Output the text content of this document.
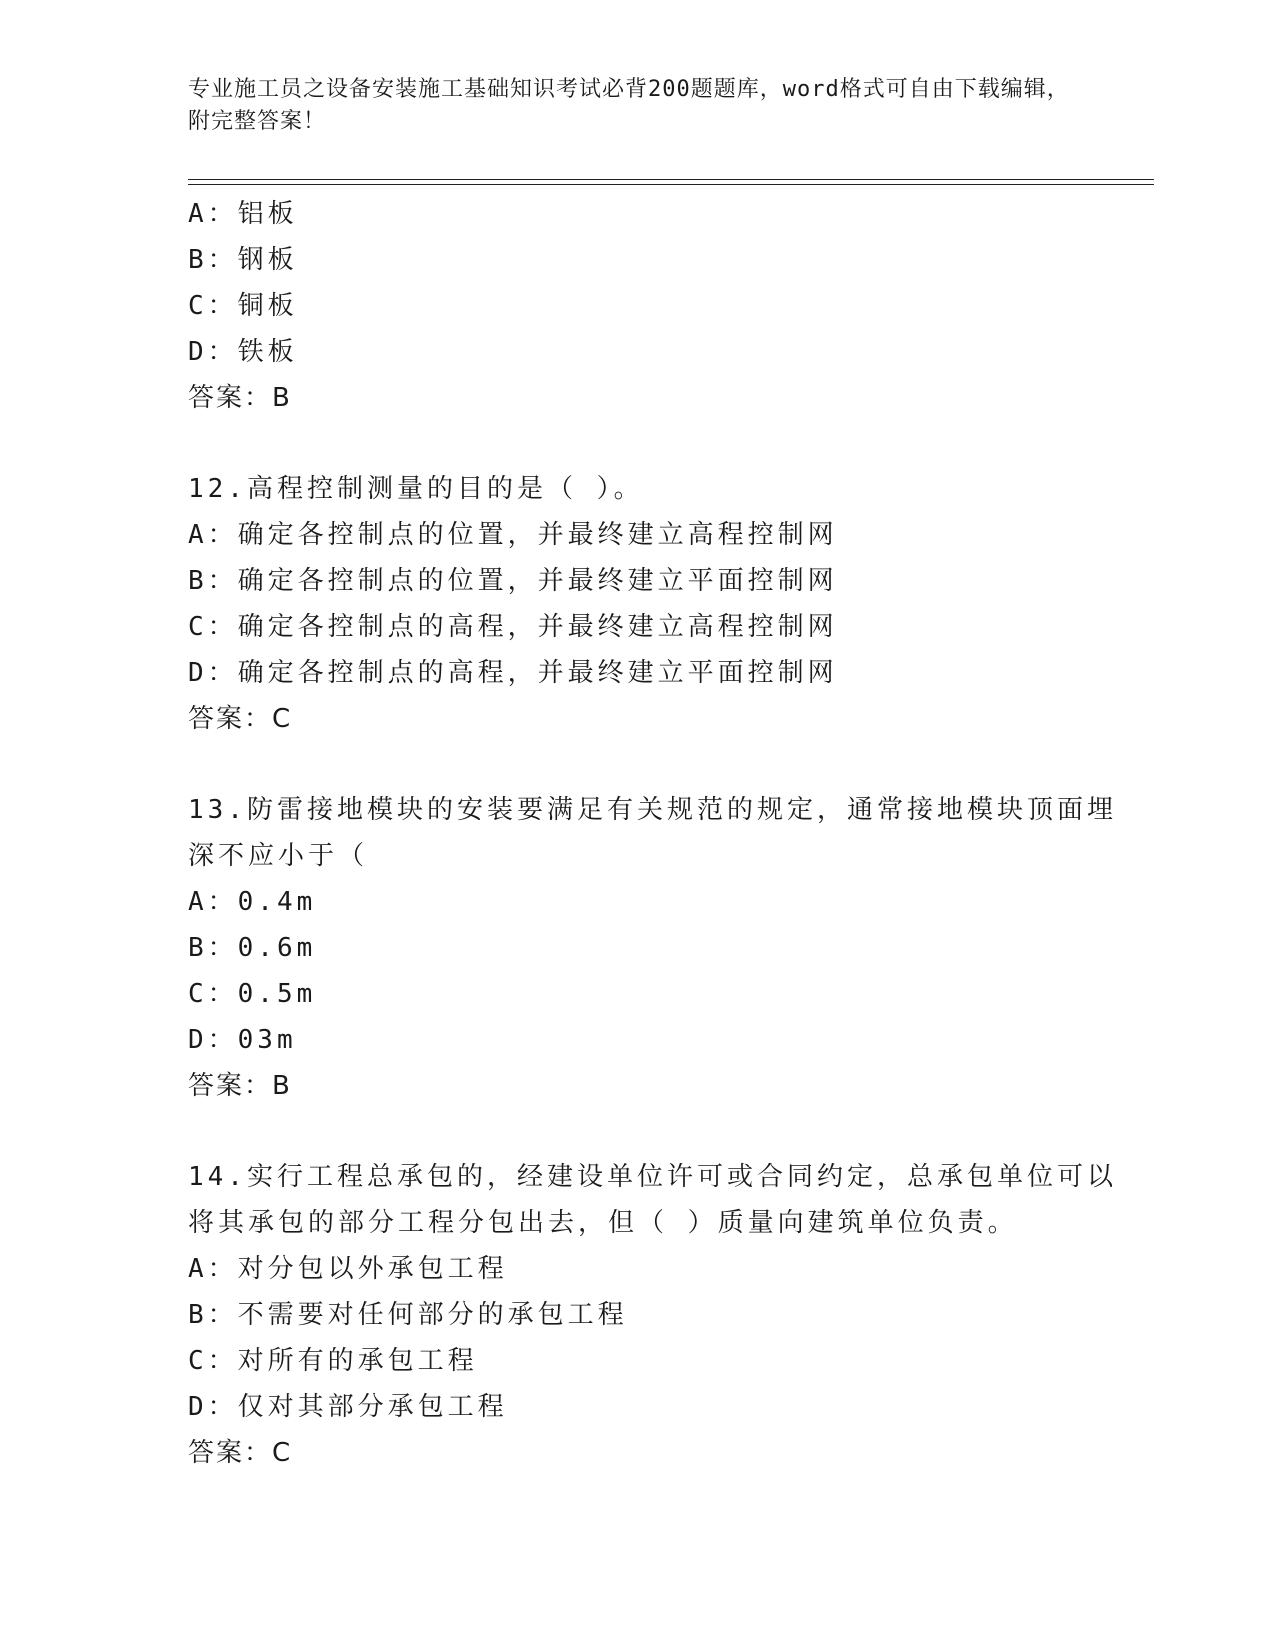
专业施工员之设备安装施工基础知识考试必背200题题库，word格式可自由下载编辑，附完整答案！
A：铝板
B：钢板
C：铜板
D：铁板
答案：B
12.高程控制测量的目的是（ ）。
A：确定各控制点的位置，并最终建立高程控制网
B：确定各控制点的位置，并最终建立平面控制网
C：确定各控制点的高程，并最终建立高程控制网
D：确定各控制点的高程，并最终建立平面控制网
答案：C
13.防雷接地模块的安装要满足有关规范的规定，通常接地模块顶面埋
深不应小于（
A：0.4m
B：0.6m
C：0.5m
D：03m
答案：B
14.实行工程总承包的，经建设单位许可或合同约定，总承包单位可以
将其承包的部分工程分包出去，但（ ）质量向建筑单位负责。
A：对分包以外承包工程
B：不需要对任何部分的承包工程
C：对所有的承包工程
D：仅对其部分承包工程
答案：C
